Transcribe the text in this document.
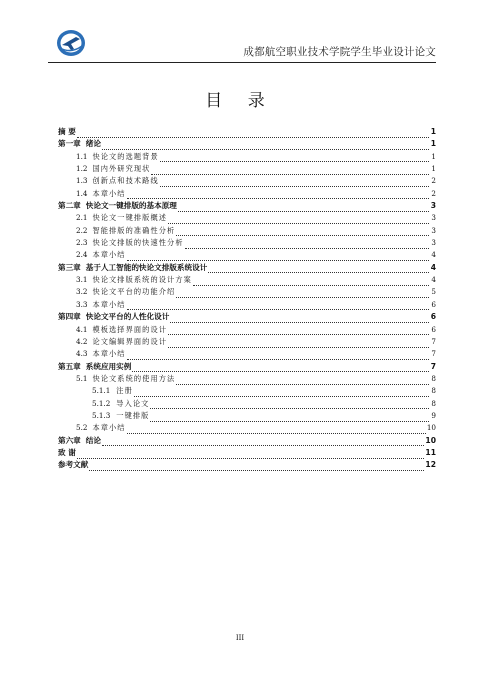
成都航空职业技术学院学生毕业设计论文
目 录
摘 要	1
第一章 绪论	1
1.1 快论文的选题背景	1
1.2 国内外研究现状	1
1.3 创新点和技术路线	2
1.4 本章小结	2
第二章 快论文一键排版的基本原理	3
2.1 快论文一键排版概述	3
2.2 智能排版的准确性分析	3
2.3 快论文排版的快速性分析	3
2.4 本章小结	4
第三章 基于人工智能的快论文排版系统设计	4
3.1 快论文排版系统的设计方案	4
3.2 快论文平台的功能介绍	5
3.3 本章小结	6
第四章 快论文平台的人性化设计	6
4.1 模板选择界面的设计	6
4.2 论文编辑界面的设计	7
4.3 本章小结	7
第五章 系统应用实例	7
5.1 快论文系统的使用方法	8
5.1.1 注册	8
5.1.2 导入论文	8
5.1.3 一键排版	9
5.2 本章小结	10
第六章 结论	10
致 谢	11
参考文献	12
III
